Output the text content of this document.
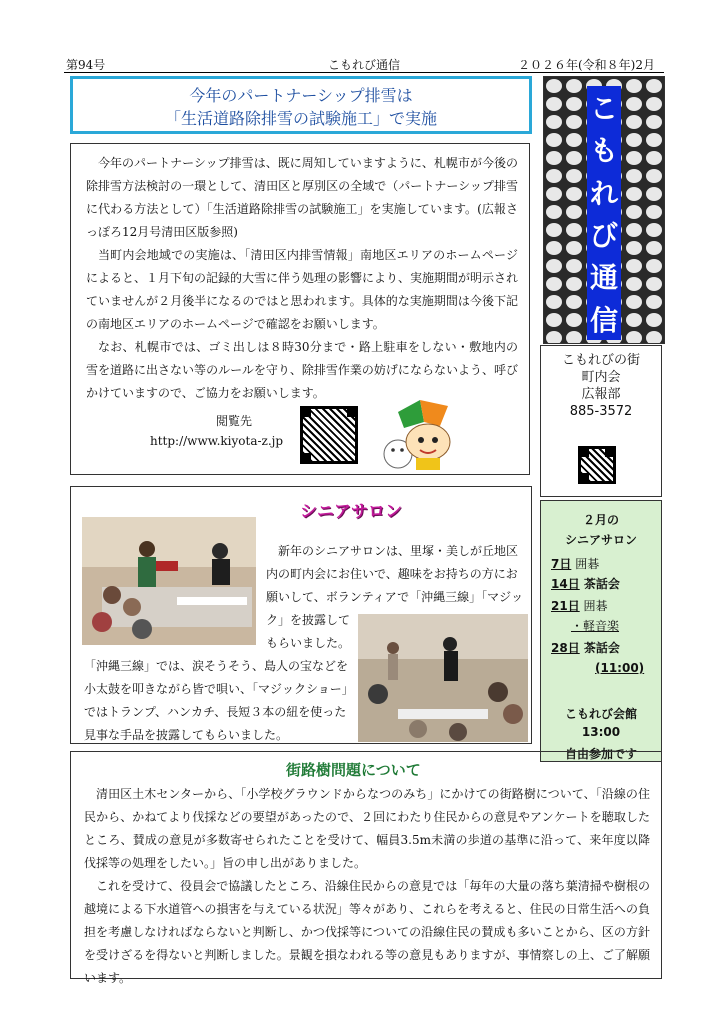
第94号	こもれび通信	２０２６年(令和８年)2月
今年のパートナーシップ排雪は
「生活道路除排雪の試験施工」で実施

今年のパートナーシップ排雪は、既に周知していますように、札幌市が今後の除排雪方法検討の一環として、清田区と厚別区の全域で（パートナーシップ排雪に代わる方法として）「生活道路除排雪の試験施工」を実施しています。(広報さっぽろ12月号清田区版参照)

当町内会地域での実施は、「清田区内排雪情報」南地区エリアのホームページによると、１月下旬の記録的大雪に伴う処理の影響により、実施期間が明示されていませんが２月後半になるのではと思われます。具体的な実施期間は今後下記の南地区エリアのホームページで確認をお願いします。

なお、札幌市では、ゴミ出しは８時30分まで・路上駐車をしない・敷地内の雪を道路に出さない等のルールを守り、除排雪作業の妨げにならないよう、呼びかけていますので、ご協力をお願いします。

閲覧先
http://www.kiyota-z.jp
こ
も
れ
び
通
信
こもれびの街
町内会
広報部
885-3572
シニアサロン
新年のシニアサロンは、里塚・美しが丘地区内の町内会にお住いで、趣味をお持ちの方にお願いして、ボランティアで「沖縄三線」「マジック」を披露して
もらいました。
「沖縄三線」では、涙そうそう、島人の宝などを小太鼓を叩きながら皆で唄い、「マジックショー」ではトランプ、ハンカチ、長短３本の紐を使った見事な手品を披露してもらいました。
２月の
シニアサロン
7日 囲碁
14日 茶話会
21日 囲碁
・軽音楽
28日 茶話会
(11:00)
こもれび会館
13:00
自由参加です
街路樹問題について

清田区土木センターから、「小学校グラウンドからなつのみち」にかけての街路樹について、「沿線の住民から、かねてより伐採などの要望があったので、２回にわたり住民からの意見やアンケートを聴取したところ、賛成の意見が多数寄せられたことを受けて、幅員3.5m未満の歩道の基準に沿って、来年度以降伐採等の処理をしたい。」旨の申し出がありました。

これを受けて、役員会で協議したところ、沿線住民からの意見では「毎年の大量の落ち葉清掃や樹根の越境による下水道管への損害を与えている状況」等々があり、これらを考えると、住民の日常生活への負担を考慮しなければならないと判断し、かつ伐採等についての沿線住民の賛成も多いことから、区の方針を受けざるを得ないと判断しました。景観を損なわれる等の意見もありますが、事情察しの上、ご了解願います。
